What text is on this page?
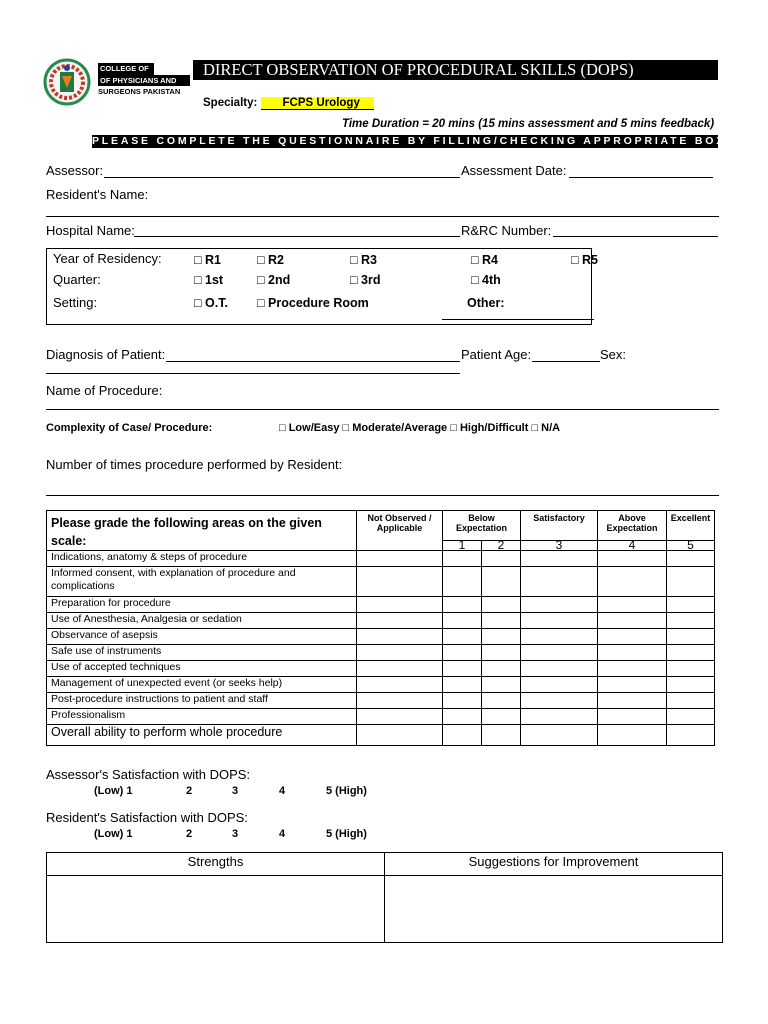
COLLEGE OF
OF PHYSICIANS AND
SURGEONS PAKISTAN
DIRECT OBSERVATION OF PROCEDURAL SKILLS (DOPS)
Specialty: FCPS Urology
Time Duration = 20 mins (15 mins assessment and 5 mins feedback)
PLEASE COMPLETE THE QUESTIONNAIRE BY FILLING/CHECKING APPROPRIATE BOXES
Assessor:	Assessment Date:
Resident's Name:
Hospital Name:	R&RC Number:
Year of Residency:	□ R1	□ R2	□ R3	□ R4	□ R5
Quarter:	□ 1st	□ 2nd	□ 3rd	□ 4th
Setting:	□ O.T. □ Procedure Room	Other:
Diagnosis of Patient:	Patient Age:	Sex:
Name of Procedure:
Complexity of Case/ Procedure:	□ Low/Easy □ Moderate/Average □ High/Difficult □ N/A
Number of times procedure performed by Resident:
Please grade the following areas on the given scale:	Not Observed / Applicable	Below Expectation		Satisfactory	Above Expectation	Excellent
		1	2	3	4	5
Indications, anatomy & steps of procedure						
Informed consent, with explanation of procedure and complications						
Preparation for procedure						
Use of Anesthesia, Analgesia or sedation						
Observance of asepsis						
Safe use of instruments						
Use of accepted techniques						
Management of unexpected event (or seeks help)						
Post-procedure instructions to patient and staff						
Professionalism						
Overall ability to perform whole procedure						
Assessor's Satisfaction with DOPS:
(Low) 1	2	3	4	5 (High)
Resident's Satisfaction with DOPS:
(Low) 1	2	3	4	5 (High)
Strengths	Suggestions for Improvement
